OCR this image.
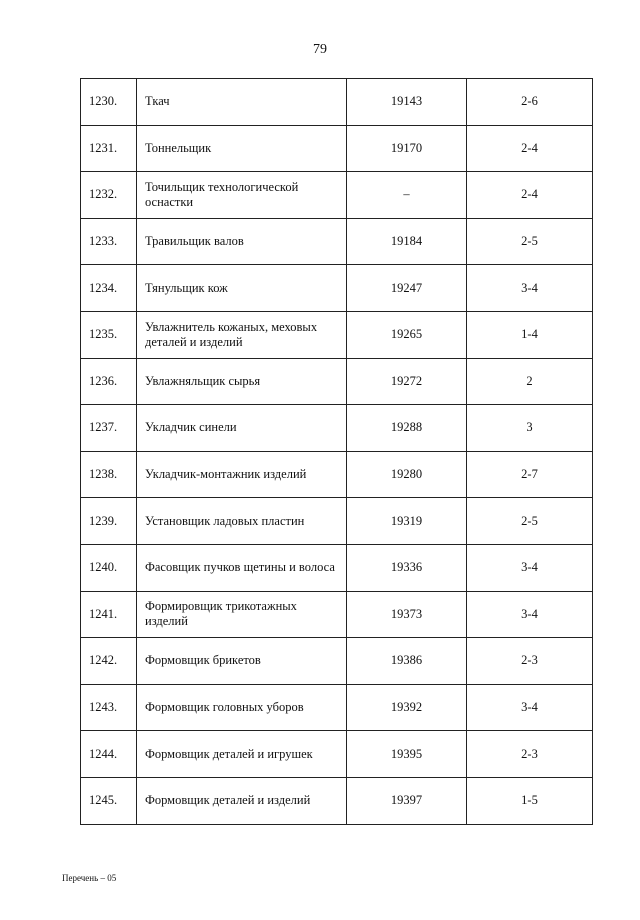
79
1230.	Ткач	19143	2-6
1231.	Тоннельщик	19170	2-4
1232.	Точильщик технологической оснастки	–	2-4
1233.	Травильщик валов	19184	2-5
1234.	Тянульщик кож	19247	3-4
1235.	Увлажнитель кожаных, меховых деталей и изделий	19265	1-4
1236.	Увлажняльщик сырья	19272	2
1237.	Укладчик синели	19288	3
1238.	Укладчик-монтажник изделий	19280	2-7
1239.	Установщик ладовых пластин	19319	2-5
1240.	Фасовщик пучков щетины и волоса	19336	3-4
1241.	Формировщик трикотажных изделий	19373	3-4
1242.	Формовщик брикетов	19386	2-3
1243.	Формовщик головных уборов	19392	3-4
1244.	Формовщик деталей и игрушек	19395	2-3
1245.	Формовщик деталей и изделий	19397	1-5
Перечень – 05
